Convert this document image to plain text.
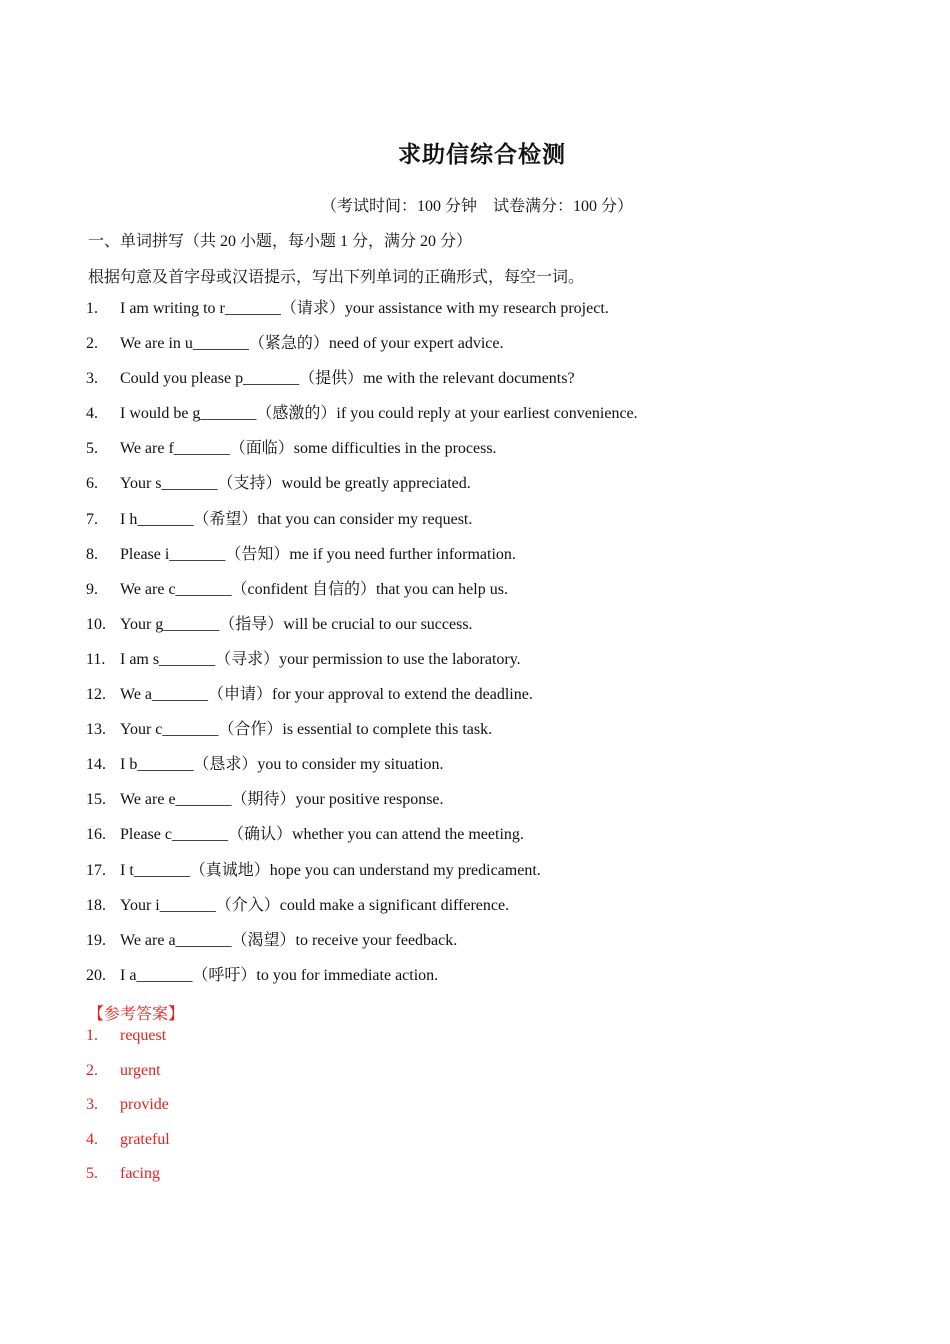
求助信综合检测
（考试时间：100 分钟　试卷满分：100 分）
一、单词拼写（共 20 小题，每小题 1 分，满分 20 分）
根据句意及首字母或汉语提示，写出下列单词的正确形式，每空一词。
1. I am writing to r_______（请求）your assistance with my research project.
2. We are in u_______（紧急的）need of your expert advice.
3. Could you please p_______（提供）me with the relevant documents?
4. I would be g_______（感激的）if you could reply at your earliest convenience.
5. We are f_______（面临）some difficulties in the process.
6. Your s_______（支持）would be greatly appreciated.
7. I h_______（希望）that you can consider my request.
8. Please i_______（告知）me if you need further information.
9. We are c_______（confident 自信的）that you can help us.
10. Your g_______（指导）will be crucial to our success.
11. I am s_______（寻求）your permission to use the laboratory.
12. We a_______（申请）for your approval to extend the deadline.
13. Your c_______（合作）is essential to complete this task.
14. I b_______（恳求）you to consider my situation.
15. We are e_______（期待）your positive response.
16. Please c_______（确认）whether you can attend the meeting.
17. I t_______（真诚地）hope you can understand my predicament.
18. Your i_______（介入）could make a significant difference.
19. We are a_______（渴望）to receive your feedback.
20. I a_______（呼吁）to you for immediate action.
【参考答案】
1. request
2. urgent
3. provide
4. grateful
5. facing
